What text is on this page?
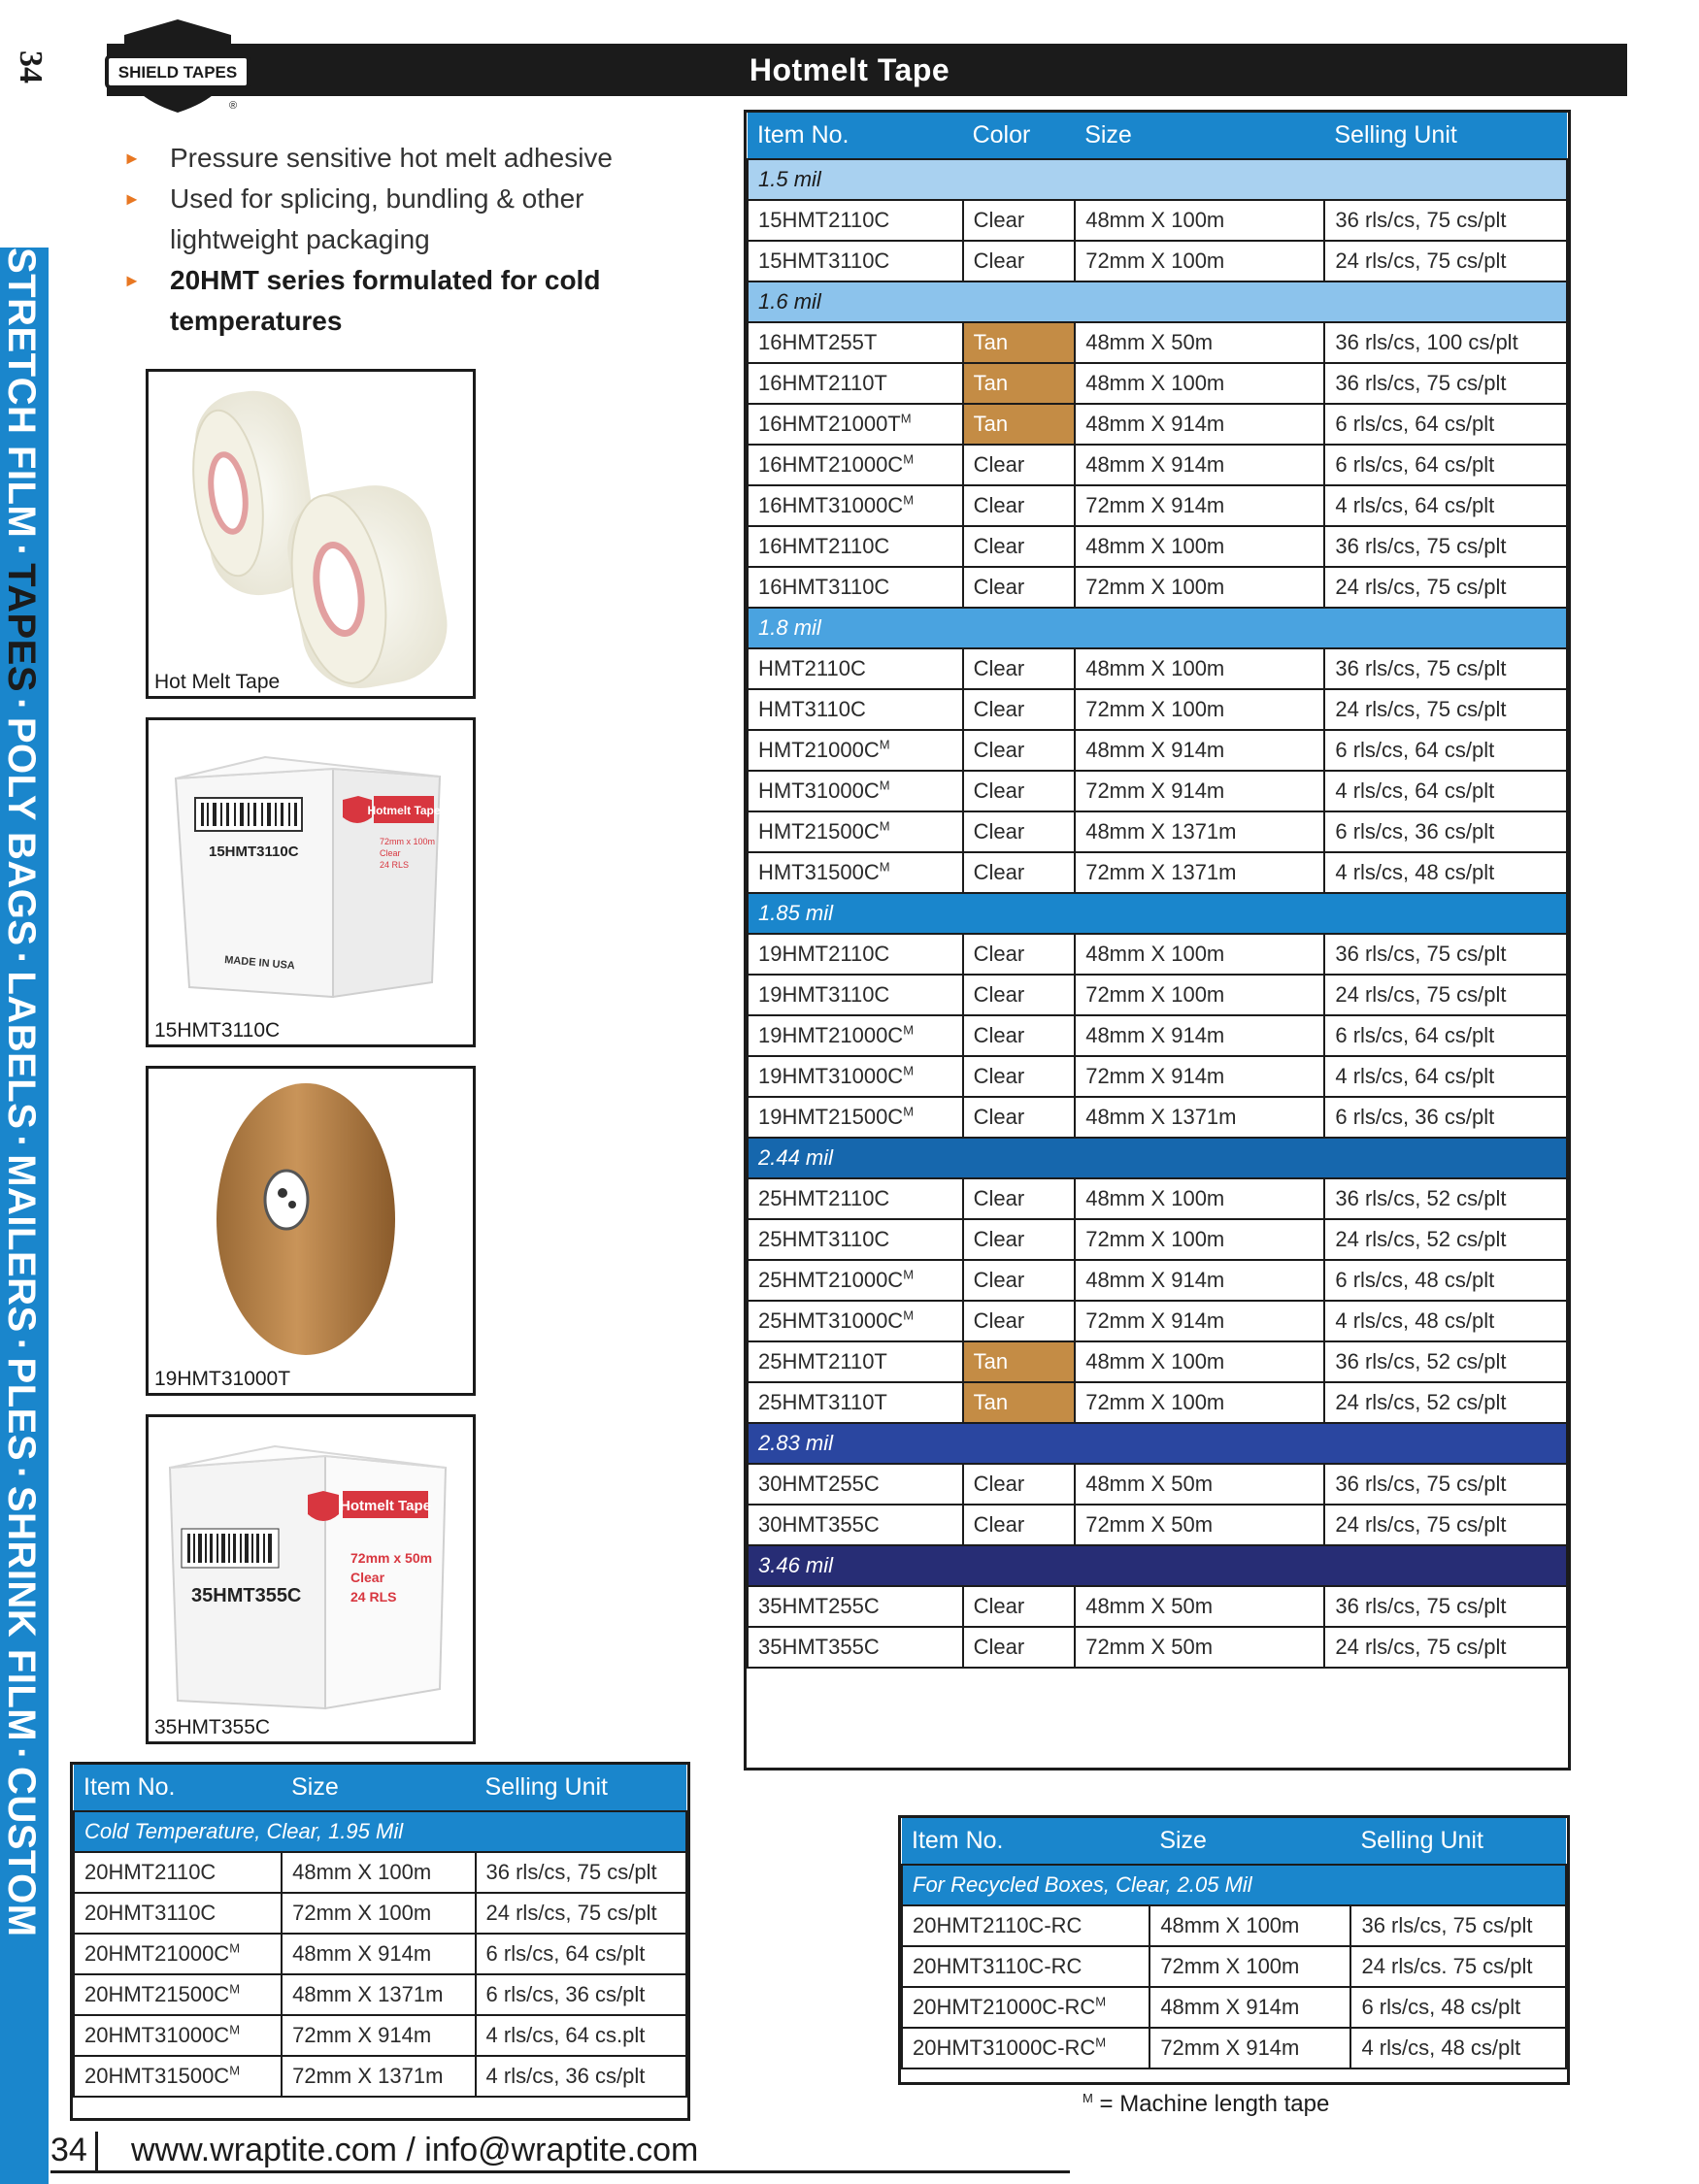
Hotmelt Tape
SHIELD TAPES
®
34
STRETCH FILM·TAPES·POLY BAGS·LABELS·MAILERS·PLES·SHRINK FILM·CUSTOM
► Pressure sensitive hot melt adhesive
► Used for splicing, bundling & other lightweight packaging
► 20HMT series formulated for cold temperatures
Hot Melt Tape
15HMT3110C
Hotmelt Tape
72mm x 100m
Clear
24 RLS
MADE IN USA
15HMT3110C
19HMT31000T
35HMT355C
Hotmelt Tape
72mm x 50m
Clear
24 RLS
35HMT355C
Item No.	Color	Size	Selling Unit
1.5 mil			
15HMT2110C	Clear	48mm X 100m	36 rls/cs, 75 cs/plt
15HMT3110C	Clear	72mm X 100m	24 rls/cs, 75 cs/plt
1.6 mil			
16HMT255T	Tan	48mm X 50m	36 rls/cs, 100 cs/plt
16HMT2110T	Tan	48mm X 100m	36 rls/cs, 75 cs/plt
$16HMT21000T^M$	Tan	48mm X 914m	6 rls/cs, 64 cs/plt
$16HMT21000C^M$	Clear	48mm X 914m	6 rls/cs, 64 cs/plt
$16HMT31000C^M$	Clear	72mm X 914m	4 rls/cs, 64 cs/plt
16HMT2110C	Clear	48mm X 100m	36 rls/cs, 75 cs/plt
16HMT3110C	Clear	72mm X 100m	24 rls/cs, 75 cs/plt
1.8 mil			
HMT2110C	Clear	48mm X 100m	36 rls/cs, 75 cs/plt
HMT3110C	Clear	72mm X 100m	24 rls/cs, 75 cs/plt
$HMT21000C^M$	Clear	48mm X 914m	6 rls/cs, 64 cs/plt
$HMT31000C^M$	Clear	72mm X 914m	4 rls/cs, 64 cs/plt
$HMT21500C^M$	Clear	48mm X 1371m	6 rls/cs, 36 cs/plt
$HMT31500C^M$	Clear	72mm X 1371m	4 rls/cs, 48 cs/plt
1.85 mil			
19HMT2110C	Clear	48mm X 100m	36 rls/cs, 75 cs/plt
19HMT3110C	Clear	72mm X 100m	24 rls/cs, 75 cs/plt
$19HMT21000C^M$	Clear	48mm X 914m	6 rls/cs, 64 cs/plt
$19HMT31000C^M$	Clear	72mm X 914m	4 rls/cs, 64 cs/plt
$19HMT21500C^M$	Clear	48mm X 1371m	6 rls/cs, 36 cs/plt
2.44 mil			
25HMT2110C	Clear	48mm X 100m	36 rls/cs, 52 cs/plt
25HMT3110C	Clear	72mm X 100m	24 rls/cs, 52 cs/plt
$25HMT21000C^M$	Clear	48mm X 914m	6 rls/cs, 48 cs/plt
$25HMT31000C^M$	Clear	72mm X 914m	4 rls/cs, 48 cs/plt
25HMT2110T	Tan	48mm X 100m	36 rls/cs, 52 cs/plt
25HMT3110T	Tan	72mm X 100m	24 rls/cs, 52 cs/plt
2.83 mil			
30HMT255C	Clear	48mm X 50m	36 rls/cs, 75 cs/plt
30HMT355C	Clear	72mm X 50m	24 rls/cs, 75 cs/plt
3.46 mil			
35HMT255C	Clear	48mm X 50m	36 rls/cs, 75 cs/plt
35HMT355C	Clear	72mm X 50m	24 rls/cs, 75 cs/plt
Item No.	Size	Selling Unit
Cold Temperature, Clear, 1.95 Mil		
20HMT2110C	48mm X 100m	36 rls/cs, 75 cs/plt
20HMT3110C	72mm X 100m	24 rls/cs, 75 cs/plt
$20HMT21000C^M$	48mm X 914m	6 rls/cs, 64 cs/plt
$20HMT21500C^M$	48mm X 1371m	6 rls/cs, 36 cs/plt
$20HMT31000C^M$	72mm X 914m	4 rls/cs, 64 cs.plt
$20HMT31500C^M$	72mm X 1371m	4 rls/cs, 36 cs/plt
Item No.	Size	Selling Unit
For Recycled Boxes, Clear, 2.05 Mil		
20HMT2110C-RC	48mm X 100m	36 rls/cs, 75 cs/plt
20HMT3110C-RC	72mm X 100m	24 rls/cs. 75 cs/plt
$20HMT21000C-RC^M$	48mm X 914m	6 rls/cs, 48 cs/plt
$20HMT31000C-RC^M$	72mm X 914m	4 rls/cs, 48 cs/plt
$^M$ = Machine length tape
34 www.wraptite.com / info@wraptite.com
